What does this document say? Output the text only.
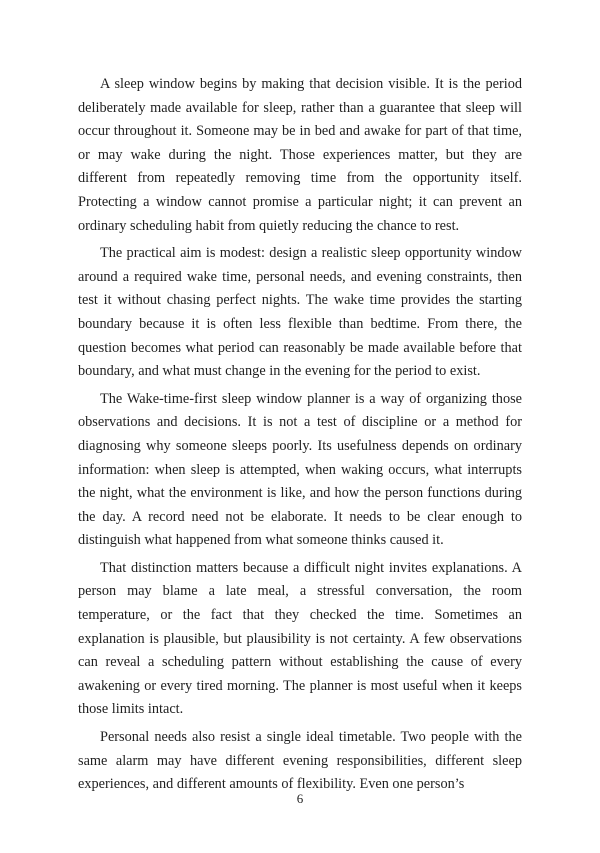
A sleep window begins by making that decision visible. It is the period deliberately made available for sleep, rather than a guarantee that sleep will occur throughout it. Someone may be in bed and awake for part of that time, or may wake during the night. Those experiences matter, but they are different from repeatedly removing time from the opportunity itself. Protecting a window cannot promise a particular night; it can prevent an ordinary scheduling habit from quietly reducing the chance to rest.

The practical aim is modest: design a realistic sleep opportunity window around a required wake time, personal needs, and evening constraints, then test it without chasing perfect nights. The wake time provides the starting boundary because it is often less flexible than bedtime. From there, the question becomes what period can reasonably be made available before that boundary, and what must change in the evening for the period to exist.

The Wake-time-first sleep window planner is a way of organizing those observations and decisions. It is not a test of discipline or a method for diagnosing why someone sleeps poorly. Its usefulness depends on ordinary information: when sleep is attempted, when waking occurs, what interrupts the night, what the environment is like, and how the person functions during the day. A record need not be elaborate. It needs to be clear enough to distinguish what happened from what someone thinks caused it.

That distinction matters because a difficult night invites explanations. A person may blame a late meal, a stressful conversation, the room temperature, or the fact that they checked the time. Sometimes an explanation is plausible, but plausibility is not certainty. A few observations can reveal a scheduling pattern without establishing the cause of every awakening or every tired morning. The planner is most useful when it keeps those limits intact.

Personal needs also resist a single ideal timetable. Two people with the same alarm may have different evening responsibilities, different sleep experiences, and different amounts of flexibility. Even one person’s

6
